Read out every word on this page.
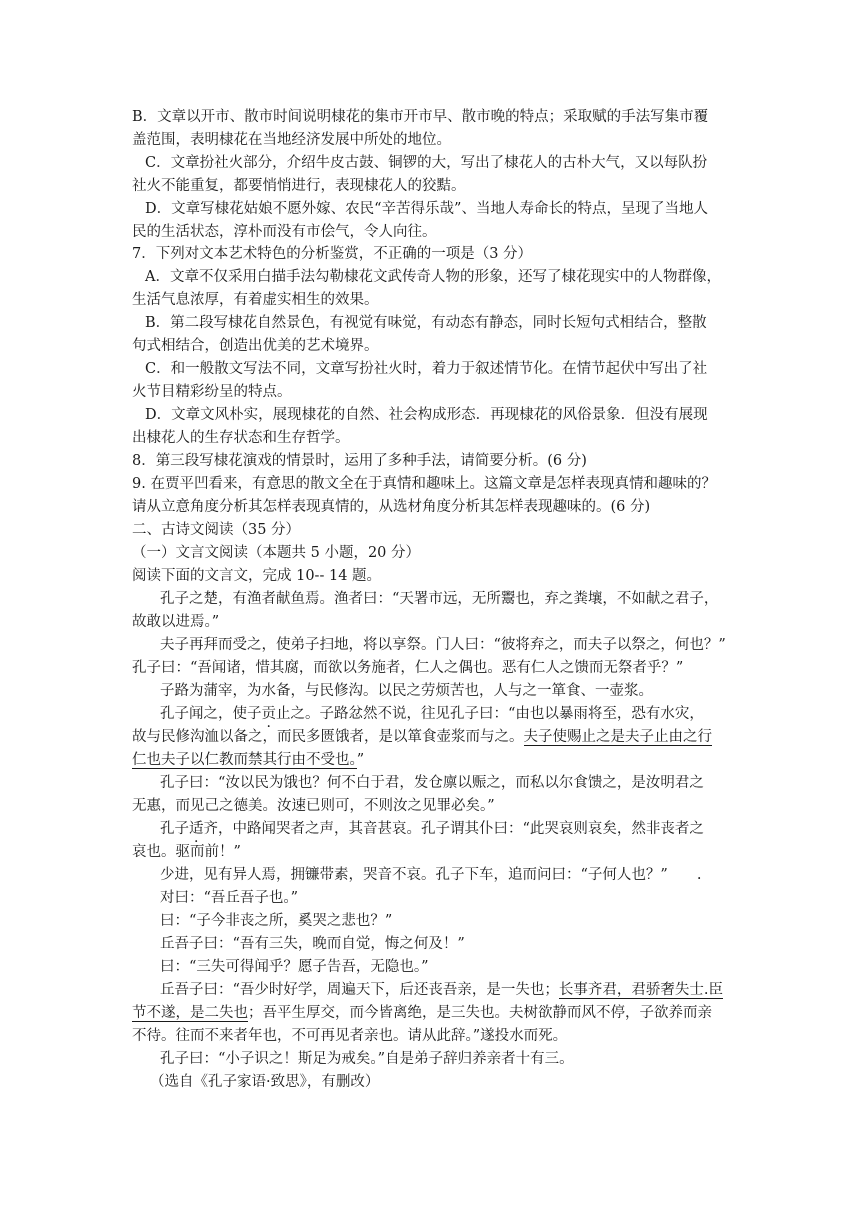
B．文章以开市、散市时间说明棣花的集市开市早、散市晚的特点；采取赋的手法写集市覆
盖范围，表明棣花在当地经济发展中所处的地位。
C．文章扮社火部分，介绍牛皮古鼓、铜锣的大，写出了棣花人的古朴大气，又以每队扮
社火不能重复，都要悄悄进行，表现棣花人的狡黠。
D．文章写棣花姑娘不愿外嫁、农民“辛苦得乐哉”、当地人寿命长的特点，呈现了当地人
民的生活状态，淳朴而没有市侩气，令人向往。
7．下列对文本艺术特色的分析鉴赏，不正确的一项是（3 分）
A．文章不仅采用白描手法勾勒棣花文武传奇人物的形象，还写了棣花现实中的人物群像，
生活气息浓厚，有着虚实相生的效果。
B．第二段写棣花自然景色，有视觉有味觉，有动态有静态，同时长短句式相结合，整散
句式相结合，创造出优美的艺术境界。
C．和一般散文写法不同，文章写扮社火时，着力于叙述情节化。在情节起伏中写出了社
火节目精彩纷呈的特点。
D．文章文风朴实，展现棣花的自然、社会构成形态．再现棣花的风俗景象．但没有展现
出棣花人的生存状态和生存哲学。
8．第三段写棣花演戏的情景时，运用了多种手法，请简要分析。(6 分)
9. 在贾平凹看来，有意思的散文全在于真情和趣味上。这篇文章是怎样表现真情和趣味的？
请从立意角度分析其怎样表现真情的，从选材角度分析其怎样表现趣味的。(6 分)
二、古诗文阅读（35 分）
（一）文言文阅读（本题共 5 小题，20 分）
阅读下面的文言文，完成 10-- 14 题。
孔子之楚，有渔者献鱼焉。渔者曰：“天署市远，无所鬻也，弃之粪壤，不如献之君子，
故敢以进焉。”
夫子再拜而受之，使弟子扫地，将以享祭。门人曰：“彼将弃之，而夫子以祭之，何也？”
孔子曰：“吾闻诸，惜其腐，而欲以务施者，仁人之偶也。恶有仁人之馈而无祭者乎？”
子路为蒲宰，为水备，与民修沟。以民之劳烦苦也，人与之一箪食、一壶浆。
孔子闻之，使子贡止之。子路忿然不说，往见孔子曰：“由也以暴雨将至，恐有水灾，
故与民修沟洫以备之，而民多匮饿者，是以箪食壶浆而与之。夫子使赐止之是夫子止由之行
仁也夫子以仁教而禁其行由不受也。”
孔子曰：“汝以民为饿也？何不白于君，发仓廪以赈之，而私以尔食馈之，是汝明君之
无惠，而见己之德美。汝速已则可，不则汝之见罪必矣。”
孔子适齐，中路闻哭者之声，其音甚哀。孔子谓其仆曰：“此哭哀则哀矣，然非丧者之
哀也。驱而前！”
少进，见有异人焉，拥镰带素，哭音不哀。孔子下车，追而问曰：“子何人也？”　　.
对曰：“吾丘吾子也。”
曰：“子今非丧之所，奚哭之悲也？”
丘吾子曰：“吾有三失，晚而自觉，悔之何及！”
曰：“三失可得闻乎？愿子告吾，无隐也。”
丘吾子曰：“吾少时好学，周遍天下，后还丧吾亲，是一失也；长事齐君，君骄奢失士.臣
节不遂，是二失也；吾平生厚交，而今皆离绝，是三失也。夫树欲静而风不停，子欲养而亲
不待。往而不来者年也，不可再见者亲也。请从此辞。”遂投水而死。
孔子曰：“小子识之！斯足为戒矣。”自是弟子辞归养亲者十有三。
（选自《孔子家语·致思》，有删改）
